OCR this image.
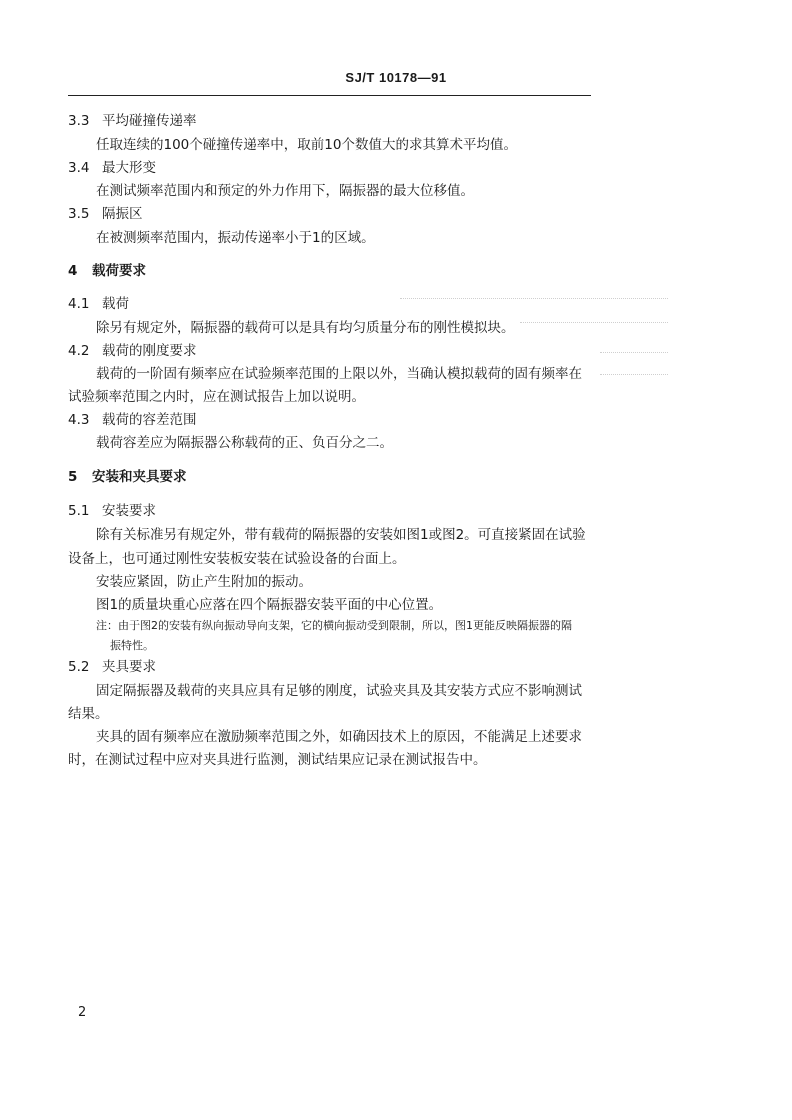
SJ/T 10178—91
3.3 平均碰撞传递率
任取连续的100个碰撞传递率中，取前10个数值大的求其算术平均值。
3.4 最大形变
在测试频率范围内和预定的外力作用下，隔振器的最大位移值。
3.5 隔振区
在被测频率范围内，振动传递率小于1的区域。
4 载荷要求
4.1 载荷
除另有规定外，隔振器的载荷可以是具有均匀质量分布的刚性模拟块。
4.2 载荷的刚度要求
载荷的一阶固有频率应在试验频率范围的上限以外，当确认模拟载荷的固有频率在
试验频率范围之内时，应在测试报告上加以说明。
4.3 载荷的容差范围
载荷容差应为隔振器公称载荷的正、负百分之二。
5 安装和夹具要求
5.1 安装要求
除有关标准另有规定外，带有载荷的隔振器的安装如图1或图2。可直接紧固在试验
设备上，也可通过刚性安装板安装在试验设备的台面上。
安装应紧固，防止产生附加的振动。
图1的质量块重心应落在四个隔振器安装平面的中心位置。
注：由于图2的安装有纵向振动导向支架，它的横向振动受到限制，所以，图1更能反映隔振器的隔
振特性。
5.2 夹具要求
固定隔振器及载荷的夹具应具有足够的刚度，试验夹具及其安装方式应不影响测试
结果。
夹具的固有频率应在激励频率范围之外，如确因技术上的原因，不能满足上述要求
时，在测试过程中应对夹具进行监测，测试结果应记录在测试报告中。
2
